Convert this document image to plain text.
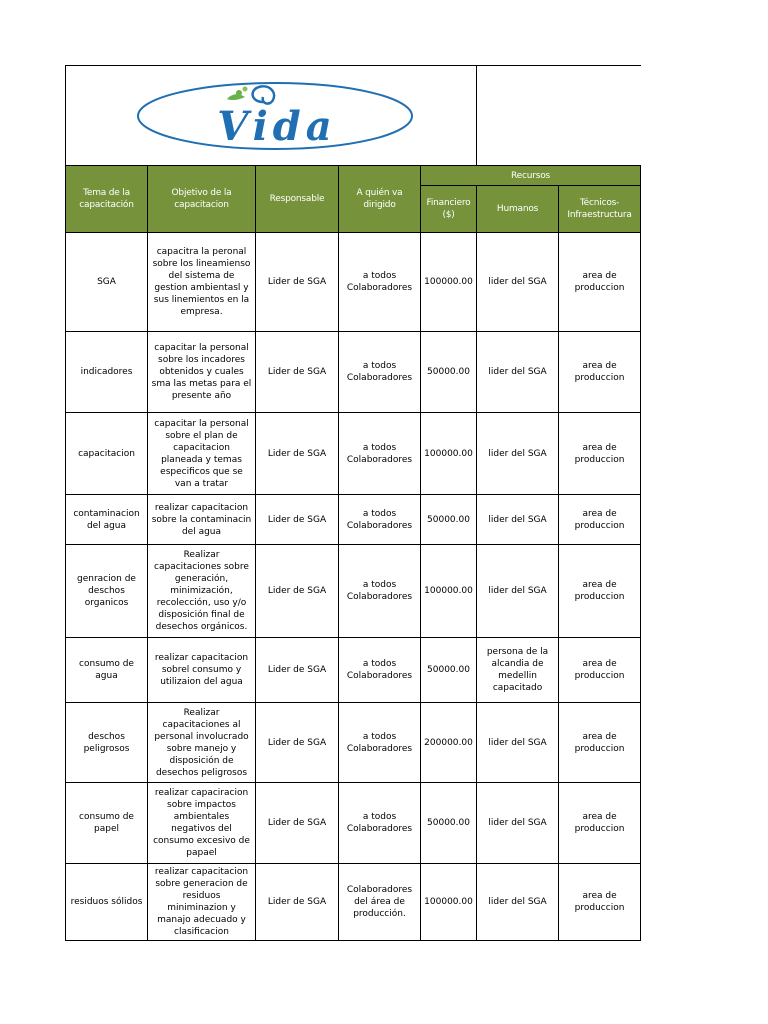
Vida						

Tema de la capacitación	Objetivo de la capacitacion	Responsable	A quién va dirigido	Recursos		
				Financiero ($)	Humanos	Técnicos-Infraestructura
SGA	capacitra la peronal sobre los lineamienso del sistema de gestion ambientasl y sus linemientos en la empresa.	Lider de SGA	a todos Colaboradores	100000.00	lider del SGA	area de produccion
indicadores	capacitar la personal sobre los incadores obtenidos y cuales sma las metas para el presente año	Lider de SGA	a todos Colaboradores	50000.00	lider del SGA	area de produccion
capacitacion	capacitar la personal sobre el plan de capacitacion planeada y temas especificos que se van a tratar	Lider de SGA	a todos Colaboradores	100000.00	lider del SGA	area de produccion
contaminacion del agua	realizar capacitacion sobre la contaminacin del agua	Lider de SGA	a todos Colaboradores	50000.00	lider del SGA	area de produccion
genracion de deschos organicos	Realizar capacitaciones sobre generación, minimización, recolección, uso y/o disposición final de desechos orgánicos.	Lider de SGA	a todos Colaboradores	100000.00	lider del SGA	area de produccion
consumo de agua	realizar capacitacion sobrel consumo y utilizaion del agua	Lider de SGA	a todos Colaboradores	50000.00	persona de la alcandia de medellin capacitado	area de produccion
deschos peligrosos	Realizar capacitaciones al personal involucrado sobre manejo y disposición de desechos peligrosos	Lider de SGA	a todos Colaboradores	200000.00	lider del SGA	area de produccion
consumo de papel	realizar capaciracion sobre impactos ambientales negativos del consumo excesivo de papael	Lider de SGA	a todos Colaboradores	50000.00	lider del SGA	area de produccion
residuos sólidos	realizar capacitacion sobre generacion de residuos miniminazion y manajo adecuado y clasificacion	Lider de SGA	Colaboradores del área de producción.	100000.00	lider del SGA	area de produccion
